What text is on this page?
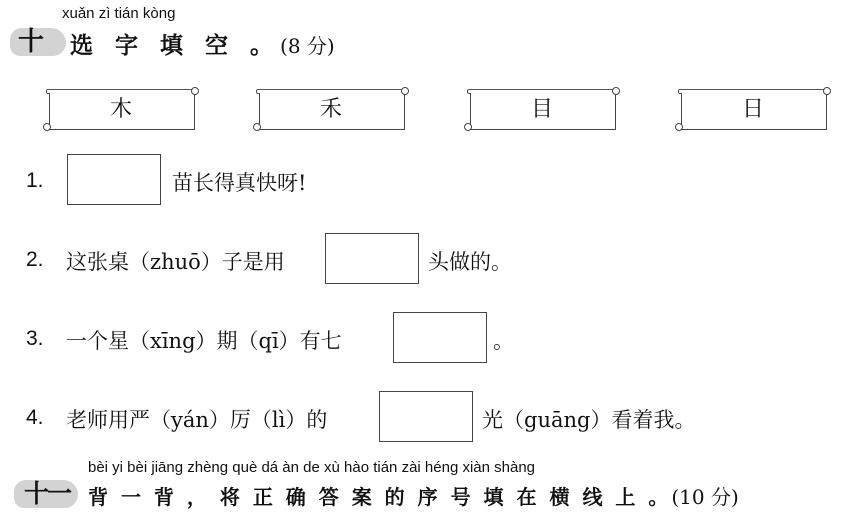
xuǎn zì tián kòng
十	选 字 填 空 。(8 分)
木	禾	目	日
1.	苗长得真快呀!
2. 这张桌（zhuō）子是用	头做的。
3. 一个星（xīng）期（qī）有七	。
4. 老师用严（yán）厉（lì）的	光（guāng）看着我。
bèi yi bèi jiāng zhèng què dá àn de xù hào tián zài héng xiàn shàng
十一 背 一 背 ， 将 正 确 答 案 的 序 号 填 在 横 线 上 。(10 分)
